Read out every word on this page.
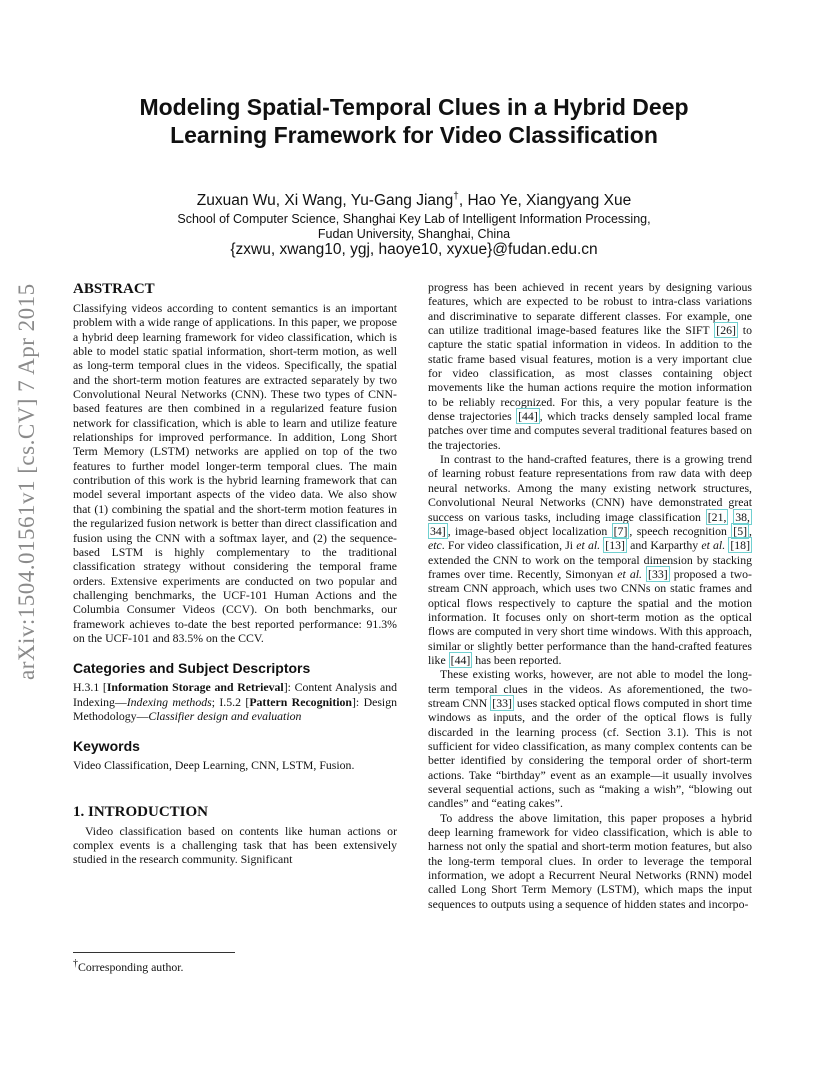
arXiv:1504.01561v1 [cs.CV] 7 Apr 2015
Modeling Spatial-Temporal Clues in a Hybrid Deep Learning Framework for Video Classification
Zuxuan Wu, Xi Wang, Yu-Gang Jiang†, Hao Ye, Xiangyang Xue
School of Computer Science, Shanghai Key Lab of Intelligent Information Processing,
Fudan University, Shanghai, China
{zxwu, xwang10, ygj, haoye10, xyxue}@fudan.edu.cn
ABSTRACT

Classifying videos according to content semantics is an important problem with a wide range of applications. In this paper, we propose a hybrid deep learning framework for video classification, which is able to model static spatial information, short-term motion, as well as long-term temporal clues in the videos. Specifically, the spatial and the short-term motion features are extracted separately by two Convolutional Neural Networks (CNN). These two types of CNN-based features are then combined in a regularized feature fusion network for classification, which is able to learn and utilize feature relationships for improved performance. In addition, Long Short Term Memory (LSTM) networks are applied on top of the two features to further model longer-term temporal clues. The main contribution of this work is the hybrid learning framework that can model several important aspects of the video data. We also show that (1) combining the spatial and the short-term motion features in the regularized fusion network is better than direct classification and fusion using the CNN with a softmax layer, and (2) the sequence-based LSTM is highly complementary to the traditional classification strategy without considering the temporal frame orders. Extensive experiments are conducted on two popular and challenging benchmarks, the UCF-101 Human Actions and the Columbia Consumer Videos (CCV). On both benchmarks, our framework achieves to-date the best reported performance: 91.3% on the UCF-101 and 83.5% on the CCV.

Categories and Subject Descriptors

H.3.1 [Information Storage and Retrieval]: Content Analysis and Indexing—Indexing methods; I.5.2 [Pattern Recognition]: Design Methodology—Classifier design and evaluation

Keywords

Video Classification, Deep Learning, CNN, LSTM, Fusion.

1. INTRODUCTION

Video classification based on contents like human actions or complex events is a challenging task that has been extensively studied in the research community. Significant

†Corresponding author.

progress has been achieved in recent years by designing various features, which are expected to be robust to intra-class variations and discriminative to separate different classes. For example, one can utilize traditional image-based features like the SIFT [26] to capture the static spatial information in videos. In addition to the static frame based visual features, motion is a very important clue for video classification, as most classes containing object movements like the human actions require the motion information to be reliably recognized. For this, a very popular feature is the dense trajectories [44] , which tracks densely sampled local frame patches over time and computes several traditional features based on the trajectories.

In contrast to the hand-crafted features, there is a growing trend of learning robust feature representations from raw data with deep neural networks. Among the many existing network structures, Convolutional Neural Networks (CNN) have demonstrated great success on various tasks, including image classification [21, 38, 34] , image-based object localization [7] , speech recognition [5] , etc. For video classification, Ji et al. [13] and Karparthy et al. [18] extended the CNN to work on the temporal dimension by stacking frames over time. Recently, Simonyan et al. [33] proposed a two-stream CNN approach, which uses two CNNs on static frames and optical flows respectively to capture the spatial and the motion information. It focuses only on short-term motion as the optical flows are computed in very short time windows. With this approach, similar or slightly better performance than the hand-crafted features like [44] has been reported.

These existing works, however, are not able to model the long-term temporal clues in the videos. As aforementioned, the two-stream CNN [33] uses stacked optical flows computed in short time windows as inputs, and the order of the optical flows is fully discarded in the learning process (cf. Section 3.1). This is not sufficient for video classification, as many complex contents can be better identified by considering the temporal order of short-term actions. Take “birthday” event as an example—it usually involves several sequential actions, such as “making a wish”, “blowing out candles” and “eating cakes”.

To address the above limitation, this paper proposes a hybrid deep learning framework for video classification, which is able to harness not only the spatial and short-term motion features, but also the long-term temporal clues. In order to leverage the temporal information, we adopt a Recurrent Neural Networks (RNN) model called Long Short Term Memory (LSTM), which maps the input sequences to outputs using a sequence of hidden states and incorpo-
